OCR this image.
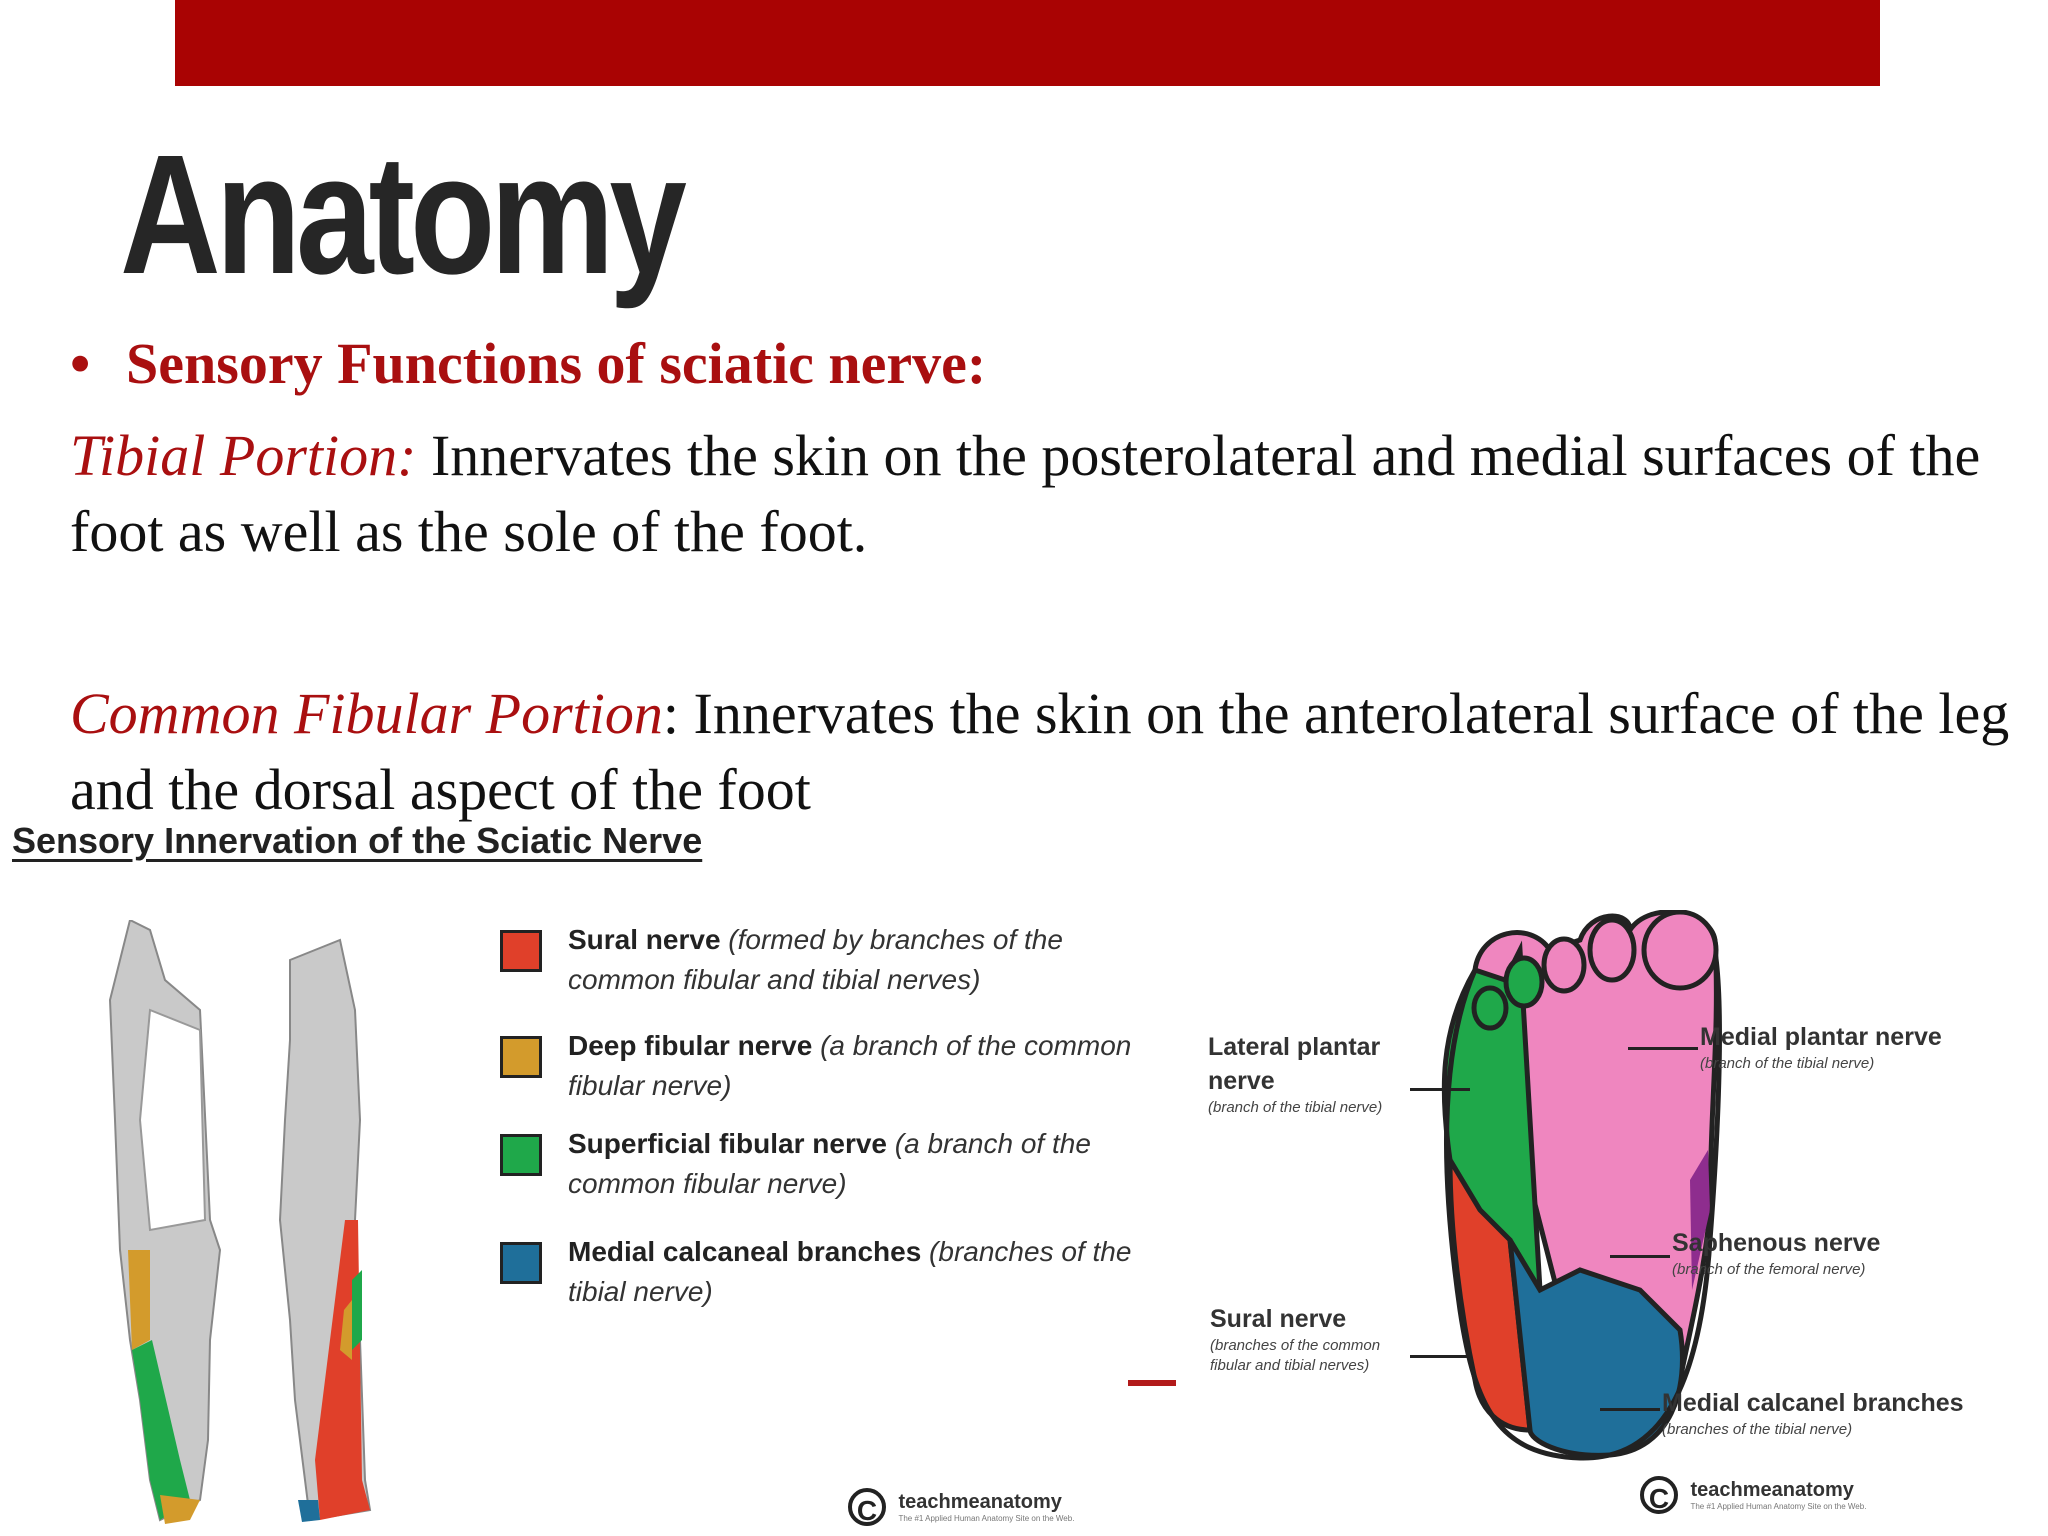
Anatomy
• Sensory Functions of sciatic nerve:
Tibial Portion: Innervates the skin on the posterolateral and medial surfaces of the foot as well as the sole of the foot.
Common Fibular Portion: Innervates the skin on the anterolateral surface of the leg and the dorsal aspect of the foot
Sensory Innervation of the Sciatic Nerve
Sural nerve (formed by branches of the common fibular and tibial nerves)
Deep fibular nerve (a branch of the common fibular nerve)
Superficial fibular nerve (a branch of the common fibular nerve)
Medial calcaneal branches (branches of the tibial nerve)
Lateral plantar nerve
(branch of the tibial nerve)
Medial plantar nerve
(branch of the tibial nerve)
Saphenous nerve
(branch of the femoral nerve)
Sural nerve
(branches of the common fibular and tibial nerves)
Medial calcanel branches
(branches of the tibial nerve)
C teachmeanatomy
The #1 Applied Human Anatomy Site on the Web.
C teachmeanatomy
The #1 Applied Human Anatomy Site on the Web.
